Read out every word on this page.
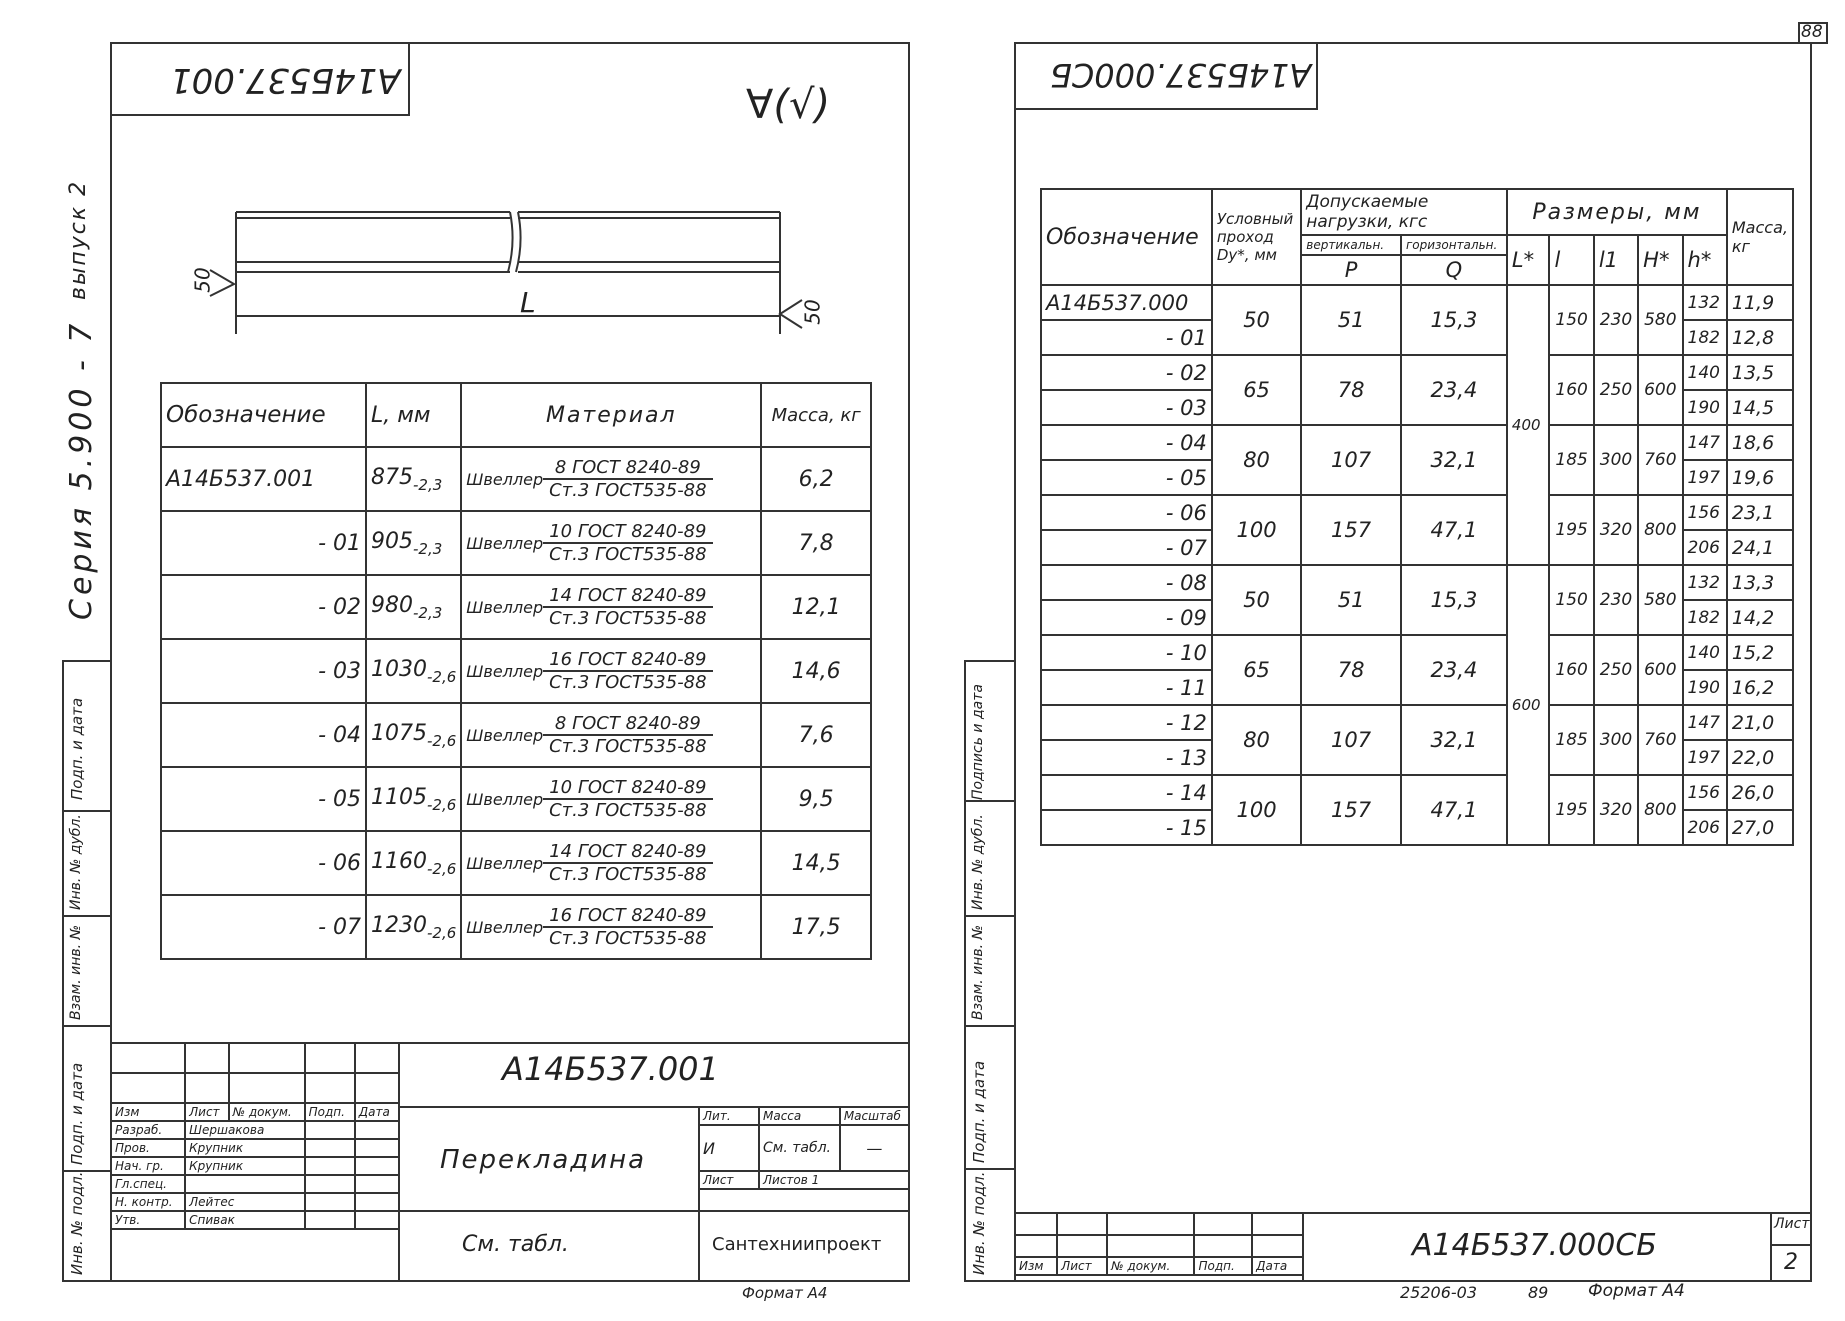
88
А14Б537.001
∀(√)
L
50
50
Серия 5.900 - 7
выпуск 2
Подп. и дата
Инв. № дубл.
Взам. инв. №
Подп. и дата
Инв. № подл.
Обозначение	L, мм	Материал	Масса, кг
А14Б537.001	$875_{-2,3}$	Швеллер $\frac{\text{8 ГОСТ 8240-89}}{\text{Ст.3 ГОСТ535-88}}$	6,2
- 01	$905_{-2,3}$	Швеллер $\frac{\text{10 ГОСТ 8240-89}}{\text{Ст.3 ГОСТ535-88}}$	7,8
- 02	$980_{-2,3}$	Швеллер $\frac{\text{14 ГОСТ 8240-89}}{\text{Ст.3 ГОСТ535-88}}$	12,1
- 03	$1030_{-2,6}$	Швеллер $\frac{\text{16 ГОСТ 8240-89}}{\text{Ст.3 ГОСТ535-88}}$	14,6
- 04	$1075_{-2,6}$	Швеллер $\frac{\text{8 ГОСТ 8240-89}}{\text{Ст.3 ГОСТ535-88}}$	7,6
- 05	$1105_{-2,6}$	Швеллер $\frac{\text{10 ГОСТ 8240-89}}{\text{Ст.3 ГОСТ535-88}}$	9,5
- 06	$1160_{-2,6}$	Швеллер $\frac{\text{14 ГОСТ 8240-89}}{\text{Ст.3 ГОСТ535-88}}$	14,5
- 07	$1230_{-2,6}$	Швеллер $\frac{\text{16 ГОСТ 8240-89}}{\text{Ст.3 ГОСТ535-88}}$	17,5
А14Б537.001
Перекладина
См. табл.	Сантехниипроект
Лит.	Масса	Масштаб
И	См. табл.	—
Лист	Листов 1	

Изм	Лист	№ докум.	Подп.	Дата
Разраб.	Шершакова			
Пров.	Крупник			
Нач. гр.	Крупник			
Гл.спец.				
Н. контр.	Лейтес			
Утв.	Спивак			
Формат А4
А14Б537.000СБ
Подпись и дата
Инв. № дубл.
Взам. инв. №
Подп. и дата
Инв. № подл.
Обозначение	Условный проход Dy*, мм	Допускаемые нагрузки, кгс		Размеры, мм					Масса, кг
		вертикальн.	горизонтальн.	L*	l	l1	H*	h*	
		P	Q						
А14Б537.000	50	51	15,3	400	150	230	580	132	11,9
- 01								182	12,8
- 02	65	78	23,4		160	250	600	140	13,5
- 03								190	14,5
- 04	80	107	32,1		185	300	760	147	18,6
- 05								197	19,6
- 06	100	157	47,1		195	320	800	156	23,1
- 07								206	24,1
- 08	50	51	15,3	600	150	230	580	132	13,3
- 09								182	14,2
- 10	65	78	23,4		160	250	600	140	15,2
- 11								190	16,2
- 12	80	107	32,1		185	300	760	147	21,0
- 13								197	22,0
- 14	100	157	47,1		195	320	800	156	26,0
- 15								206	27,0
А14Б537.000СБ
Лист
2

Изм	Лист	№ докум.	Подп.	Дата
25206-03	89 Формат А4
